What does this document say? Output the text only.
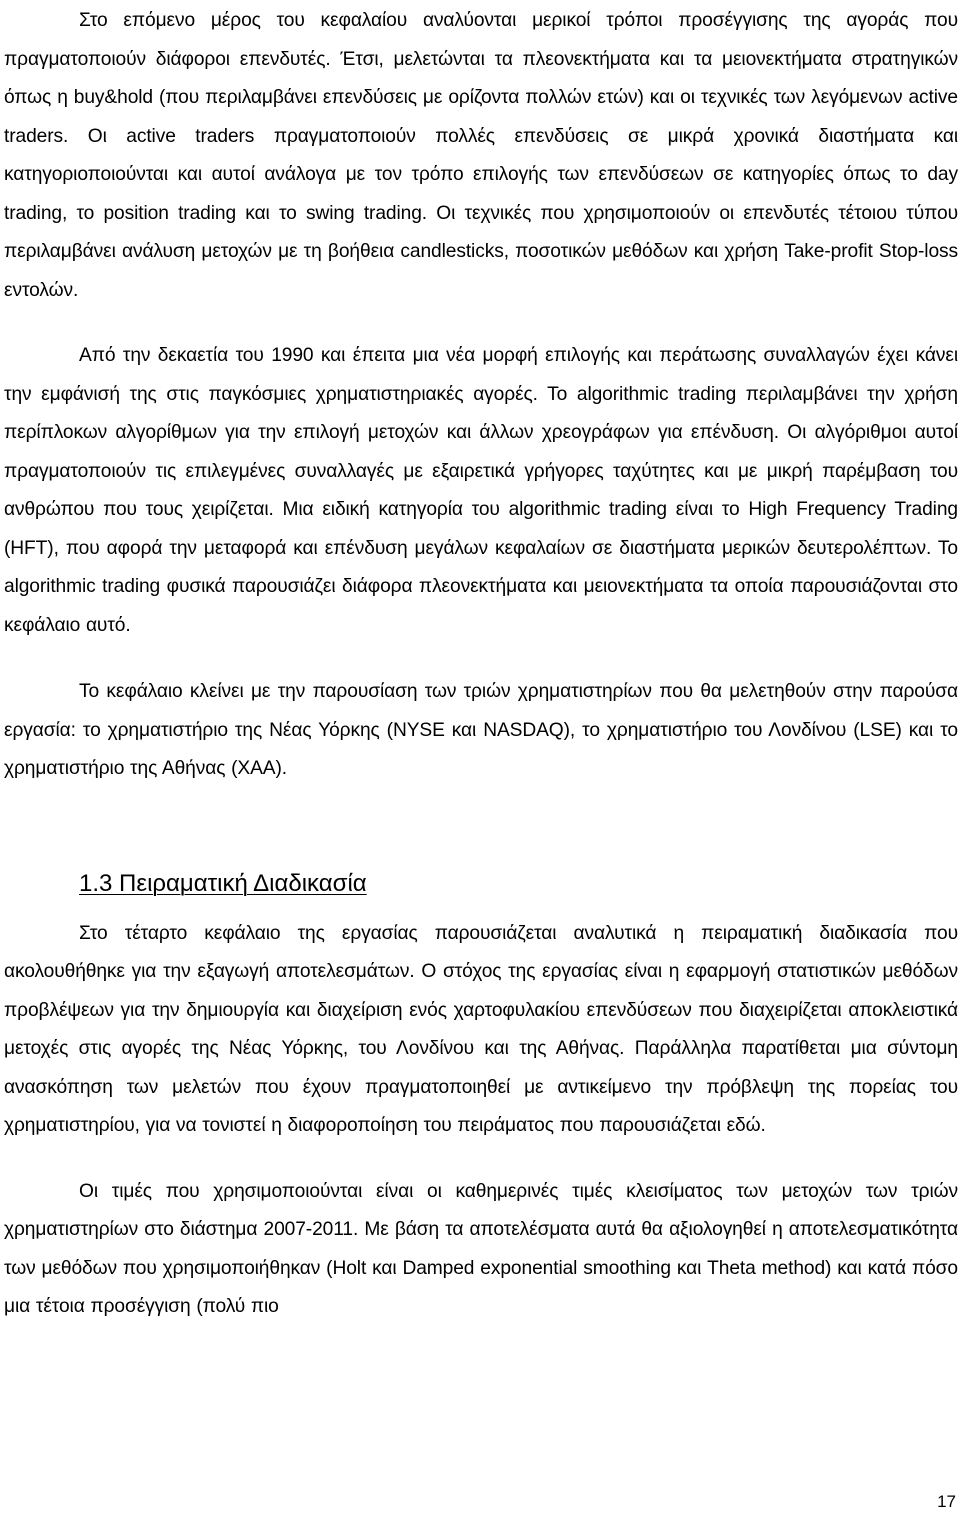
Στο επόμενο μέρος του κεφαλαίου αναλύονται μερικοί τρόποι προσέγγισης της αγοράς που πραγματοποιούν διάφοροι επενδυτές. Έτσι, μελετώνται τα πλεονεκτήματα και τα μειονεκτήματα στρατηγικών όπως η buy&hold (που περιλαμβάνει επενδύσεις με ορίζοντα πολλών ετών) και οι τεχνικές των λεγόμενων active traders. Οι active traders πραγματοποιούν πολλές επενδύσεις σε μικρά χρονικά διαστήματα και κατηγοριοποιούνται και αυτοί ανάλογα με τον τρόπο επιλογής των επενδύσεων σε κατηγορίες όπως το day trading, το position trading και το swing trading. Οι τεχνικές που χρησιμοποιούν οι επενδυτές τέτοιου τύπου περιλαμβάνει ανάλυση μετοχών με τη βοήθεια candlesticks, ποσοτικών μεθόδων και χρήση Take-profit Stop-loss εντολών.

Από την δεκαετία του 1990 και έπειτα μια νέα μορφή επιλογής και περάτωσης συναλλαγών έχει κάνει την εμφάνισή της στις παγκόσμιες χρηματιστηριακές αγορές. Το algorithmic trading περιλαμβάνει την χρήση περίπλοκων αλγορίθμων για την επιλογή μετοχών και άλλων χρεογράφων για επένδυση. Οι αλγόριθμοι αυτοί πραγματοποιούν τις επιλεγμένες συναλλαγές με εξαιρετικά γρήγορες ταχύτητες και με μικρή παρέμβαση του ανθρώπου που τους χειρίζεται. Μια ειδική κατηγορία του algorithmic trading είναι το High Frequency Trading (HFT), που αφορά την μεταφορά και επένδυση μεγάλων κεφαλαίων σε διαστήματα μερικών δευτερολέπτων. Το algorithmic trading φυσικά παρουσιάζει διάφορα πλεονεκτήματα και μειονεκτήματα τα οποία παρουσιάζονται στο κεφάλαιο αυτό.

Το κεφάλαιο κλείνει με την παρουσίαση των τριών χρηματιστηρίων που θα μελετηθούν στην παρούσα εργασία: το χρηματιστήριο της Νέας Υόρκης (NYSE και NASDAQ), το χρηματιστήριο του Λονδίνου (LSE) και το χρηματιστήριο της Αθήνας (ΧΑΑ).

1.3 Πειραματική Διαδικασία

Στο τέταρτο κεφάλαιο της εργασίας παρουσιάζεται αναλυτικά η πειραματική διαδικασία που ακολουθήθηκε για την εξαγωγή αποτελεσμάτων. Ο στόχος της εργασίας είναι η εφαρμογή στατιστικών μεθόδων προβλέψεων για την δημιουργία και διαχείριση ενός χαρτοφυλακίου επενδύσεων που διαχειρίζεται αποκλειστικά μετοχές στις αγορές της Νέας Υόρκης, του Λονδίνου και της Αθήνας. Παράλληλα παρατίθεται μια σύντομη ανασκόπηση των μελετών που έχουν πραγματοποιηθεί με αντικείμενο την πρόβλεψη της πορείας του χρηματιστηρίου, για να τονιστεί η διαφοροποίηση του πειράματος που παρουσιάζεται εδώ.

Οι τιμές που χρησιμοποιούνται είναι οι καθημερινές τιμές κλεισίματος των μετοχών των τριών χρηματιστηρίων στο διάστημα 2007-2011. Με βάση τα αποτελέσματα αυτά θα αξιολογηθεί η αποτελεσματικότητα των μεθόδων που χρησιμοποιήθηκαν (Holt και Damped exponential smoothing και Theta method) και κατά πόσο μια τέτοια προσέγγιση (πολύ πιο

17
